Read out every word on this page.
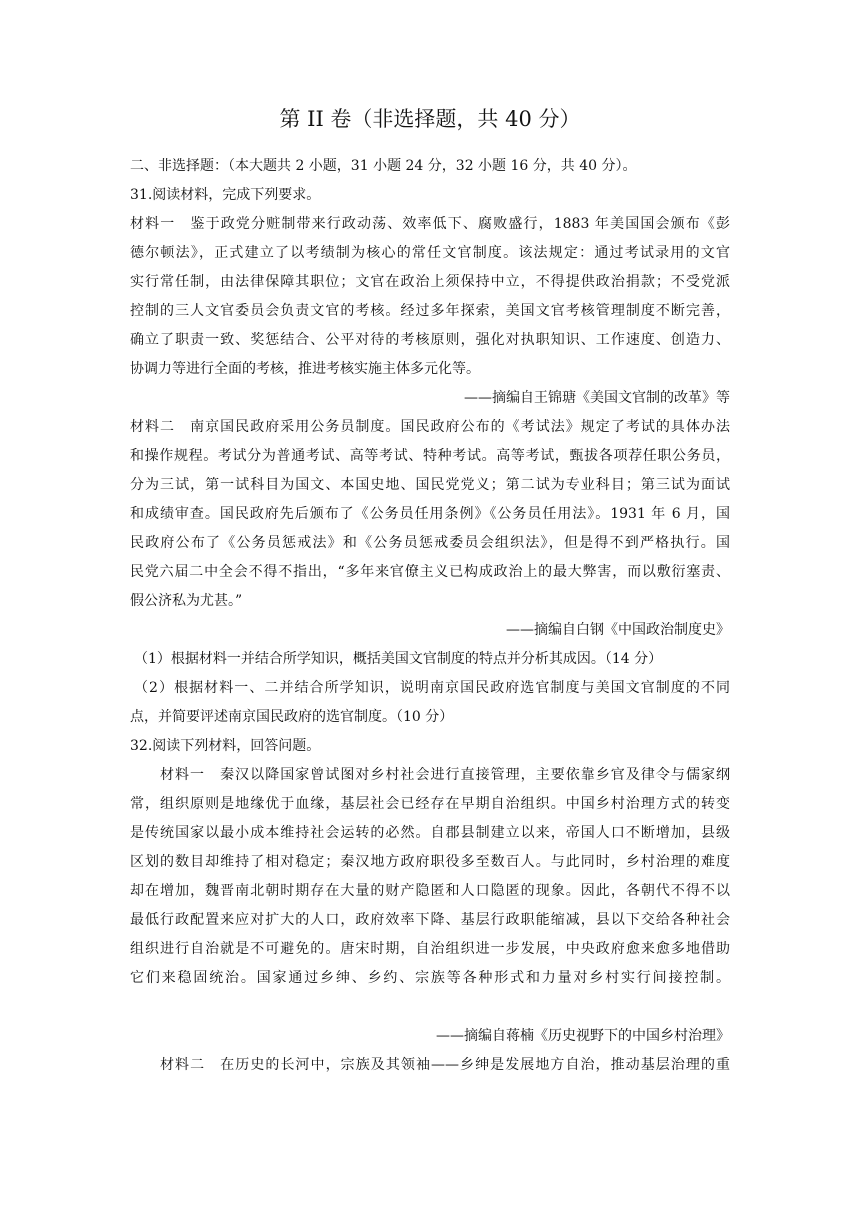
第 II 卷（非选择题，共 40 分）
二、非选择题：（本大题共 2 小题，31 小题 24 分，32 小题 16 分，共 40 分）。
31.阅读材料，完成下列要求。
材料一　鉴于政党分赃制带来行政动荡、效率低下、腐败盛行，1883 年美国国会颁布《彭
德尔顿法》，正式建立了以考绩制为核心的常任文官制度。该法规定：通过考试录用的文官
实行常任制，由法律保障其职位；文官在政治上须保持中立，不得提供政治捐款；不受党派
控制的三人文官委员会负责文官的考核。经过多年探索，美国文官考核管理制度不断完善，
确立了职责一致、奖惩结合、公平对待的考核原则，强化对执职知识、工作速度、创造力、
协调力等进行全面的考核，推进考核实施主体多元化等。
——摘编自王锦瑭《美国文官制的改革》等
材料二　南京国民政府采用公务员制度。国民政府公布的《考试法》规定了考试的具体办法
和操作规程。考试分为普通考试、高等考试、特种考试。高等考试，甄拔各项荐任职公务员，
分为三试，第一试科目为国文、本国史地、国民党党义；第二试为专业科目；第三试为面试
和成绩审查。国民政府先后颁布了《公务员任用条例》《公务员任用法》。1931 年 6 月，国
民政府公布了《公务员惩戒法》和《公务员惩戒委员会组织法》，但是得不到严格执行。国
民党六届二中全会不得不指出，“多年来官僚主义已构成政治上的最大弊害，而以敷衍塞责、
假公济私为尤甚。”
——摘编自白钢《中国政治制度史》
（1）根据材料一并结合所学知识，概括美国文官制度的特点并分析其成因。（14 分）
（2）根据材料一、二并结合所学知识，说明南京国民政府选官制度与美国文官制度的不同
点，并简要评述南京国民政府的选官制度。（10 分）
32.阅读下列材料，回答问题。
材料一　秦汉以降国家曾试图对乡村社会进行直接管理，主要依靠乡官及律令与儒家纲
常，组织原则是地缘优于血缘，基层社会已经存在早期自治组织。中国乡村治理方式的转变
是传统国家以最小成本维持社会运转的必然。自郡县制建立以来，帝国人口不断增加，县级
区划的数目却维持了相对稳定；秦汉地方政府职役多至数百人。与此同时，乡村治理的难度
却在增加，魏晋南北朝时期存在大量的财产隐匿和人口隐匿的现象。因此，各朝代不得不以
最低行政配置来应对扩大的人口，政府效率下降、基层行政职能缩减，县以下交给各种社会
组织进行自治就是不可避免的。唐宋时期，自治组织进一步发展，中央政府愈来愈多地借助
它们来稳固统治。国家通过乡绅、乡约、宗族等各种形式和力量对乡村实行间接控制。
——摘编自蒋楠《历史视野下的中国乡村治理》
材料二　在历史的长河中，宗族及其领袖——乡绅是发展地方自治，推动基层治理的重
